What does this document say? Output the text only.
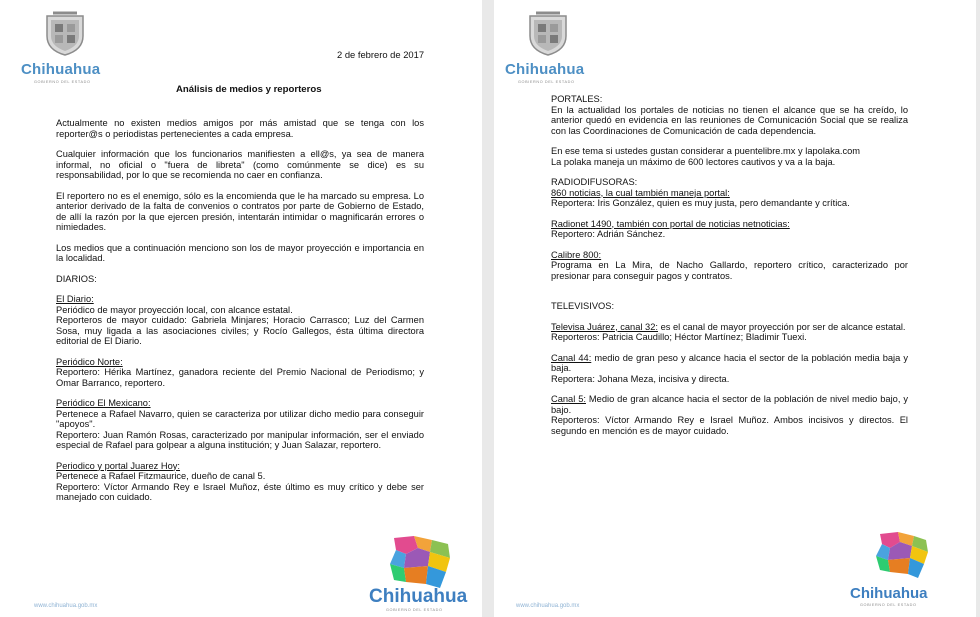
Chihuahua
GOBIERNO DEL ESTADO
2 de febrero de 2017
Análisis de medios y reporteros

Actualmente no existen medios amigos por más amistad que se tenga con los reporter@s o periodistas pertenecientes a cada empresa.

Cualquier información que los funcionarios manifiesten a ell@s, ya sea de manera informal, no oficial o "fuera de libreta" (como comúnmente se dice) es su responsabilidad, por lo que se recomienda no caer en confianza.

El reportero no es el enemigo, sólo es la encomienda que le ha marcado su empresa. Lo anterior derivado de la falta de convenios o contratos por parte de Gobierno de Estado, de allí la razón por la que ejercen presión, intentarán intimidar o magnificarán errores o nimiedades.

Los medios que a continuación menciono son los de mayor proyección e importancia en la localidad.

DIARIOS:

El Diario:

Periódico de mayor proyección local, con alcance estatal.

Reporteros de mayor cuidado: Gabriela Minjares; Horacio Carrasco; Luz del Carmen Sosa, muy ligada a las asociaciones civiles; y Rocío Gallegos, ésta última directora editorial de El Diario.

Periódico Norte:

Reportero: Hérika Martínez, ganadora reciente del Premio Nacional de Periodismo; y Omar Barranco, reportero.

Periódico El Mexicano:

Pertenece a Rafael Navarro, quien se caracteriza por utilizar dicho medio para conseguir "apoyos".

Reportero: Juan Ramón Rosas, caracterizado por manipular información, ser el enviado especial de Rafael para golpear a alguna institución; y Juan Salazar, reportero.

Periodico y portal Juarez Hoy:

Pertenece a Rafael Fitzmaurice, dueño de canal 5.

Reportero: Víctor Armando Rey e Israel Muñoz, éste último es muy crítico y debe ser manejado con cuidado.

www.chihuahua.gob.mx	Chihuahua
GOBIERNO DEL ESTADO
Chihuahua
GOBIERNO DEL ESTADO

PORTALES:

En la actualidad los portales de noticias no tienen el alcance que se ha creído, lo anterior quedó en evidencia en las reuniones de Comunicación Social que se realiza con las Coordinaciones de Comunicación de cada dependencia.

En ese tema si ustedes gustan considerar a puentelibre.mx y lapolaka.com

La polaka maneja un máximo de 600 lectores cautivos y va a la baja.

RADIODIFUSORAS:

860 noticias, la cual también maneja portal:

Reportera: Iris González, quien es muy justa, pero demandante y crítica.

Radionet 1490, también con portal de noticias netnoticias:

Reportero: Adrián Sánchez.

Calibre 800:

Programa en La Mira, de Nacho Gallardo, reportero crítico, caracterizado por presionar para conseguir pagos y contratos.

TELEVISIVOS:

Televisa Juárez, canal 32: es el canal de mayor proyección por ser de alcance estatal.

Reporteros: Patricia Caudillo; Héctor Martínez; Bladimir Tuexi.

Canal 44: medio de gran peso y alcance hacia el sector de la población media baja y baja.

Reportera: Johana Meza, incisiva y directa.

Canal 5: Medio de gran alcance hacia el sector de la población de nivel medio bajo, y bajo.

Reporteros: Víctor Armando Rey e Israel Muñoz. Ambos incisivos y directos. El segundo en mención es de mayor cuidado.

www.chihuahua.gob.mx
Chihuahua
GOBIERNO DEL ESTADO
